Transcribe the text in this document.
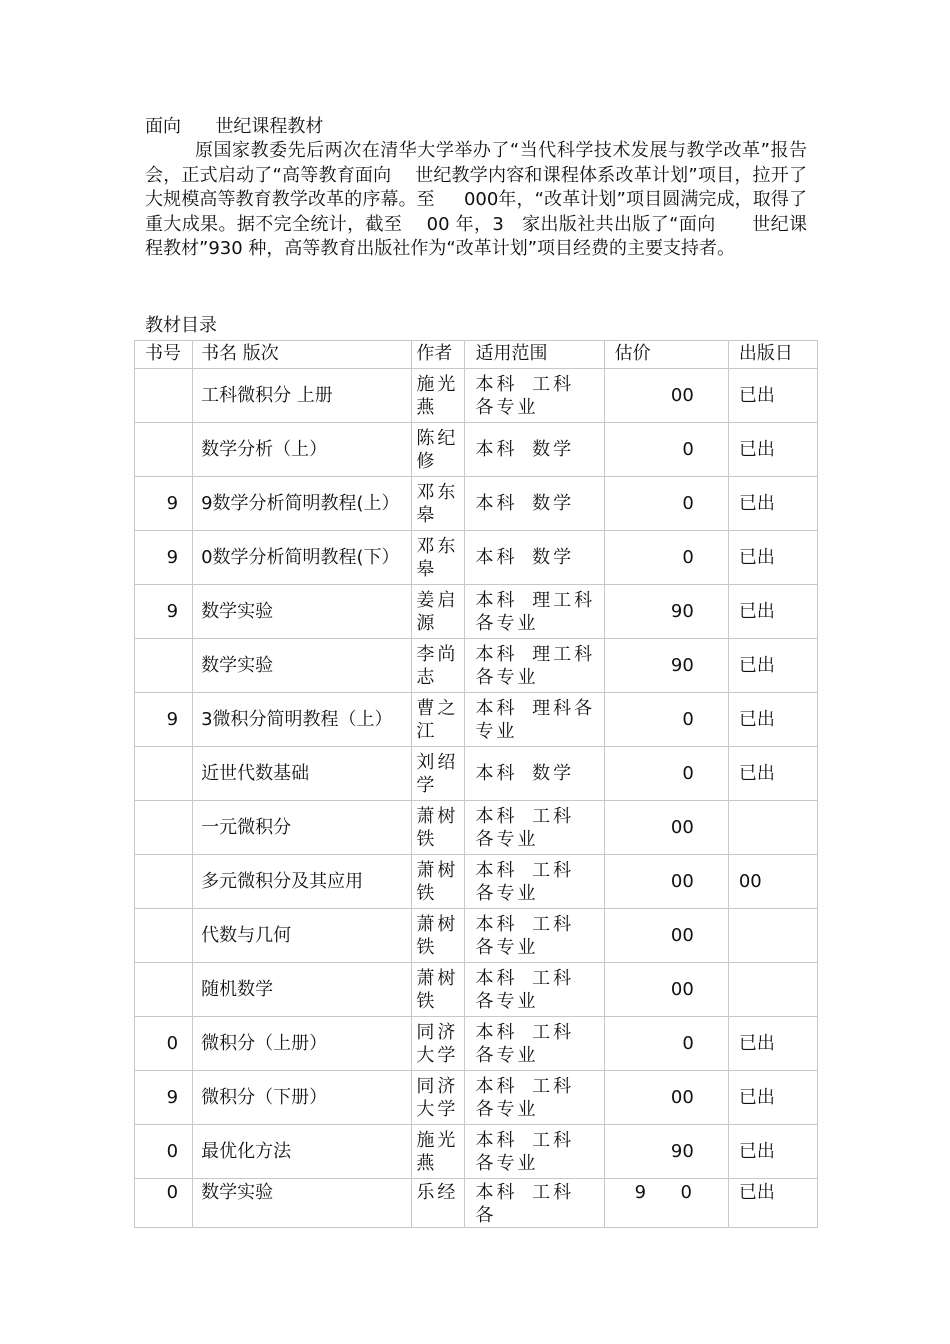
面向      世纪课程教材
原国家教委先后两次在清华大学举办了“当代科学技术发展与教学改革”报告会，正式启动了“高等教育面向    世纪教学内容和课程体系改革计划”项目，拉开了大规模高等教育教学改革的序幕。至     000年，“改革计划”项目圆满完成，取得了重大成果。据不完全统计，截至    00 年，3   家出版社共出版了“面向      世纪课程教材”930 种，高等教育出版社作为“改革计划”项目经费的主要支持者。
教材目录
书号	书名 版次	作者	适用范围	估价	出版日
	工科微积分 上册	施光燕	本科 工科 各专业	00	已出
	数学分析（上）	陈纪修	本科 数学	0	已出
9	9数学分析简明教程(上）	邓东皋	本科 数学	0	已出
9	0数学分析简明教程(下）	邓东皋	本科 数学	0	已出
9	数学实验	姜启源	本科 理工科各专业	90	已出
	数学实验	李尚志	本科 理工科各专业	90	已出
9	3微积分简明教程（上）	曹之江	本科 理科各专业	0	已出
	近世代数基础	刘绍学	本科 数学	0	已出
	一元微积分	萧树铁	本科 工科 各专业	00	
	多元微积分及其应用	萧树铁	本科 工科 各专业	00	00
	代数与几何	萧树铁	本科 工科 各专业	00	
	随机数学	萧树铁	本科 工科 各专业	00	
0	微积分（上册）	同济大学	本科 工科 各专业	0	已出
9	微积分（下册）	同济大学	本科 工科 各专业	00	已出
0	最优化方法	施光燕	本科 工科 各专业	90	已出
0	数学实验	乐经	本科 工科 各	9      0	已出
